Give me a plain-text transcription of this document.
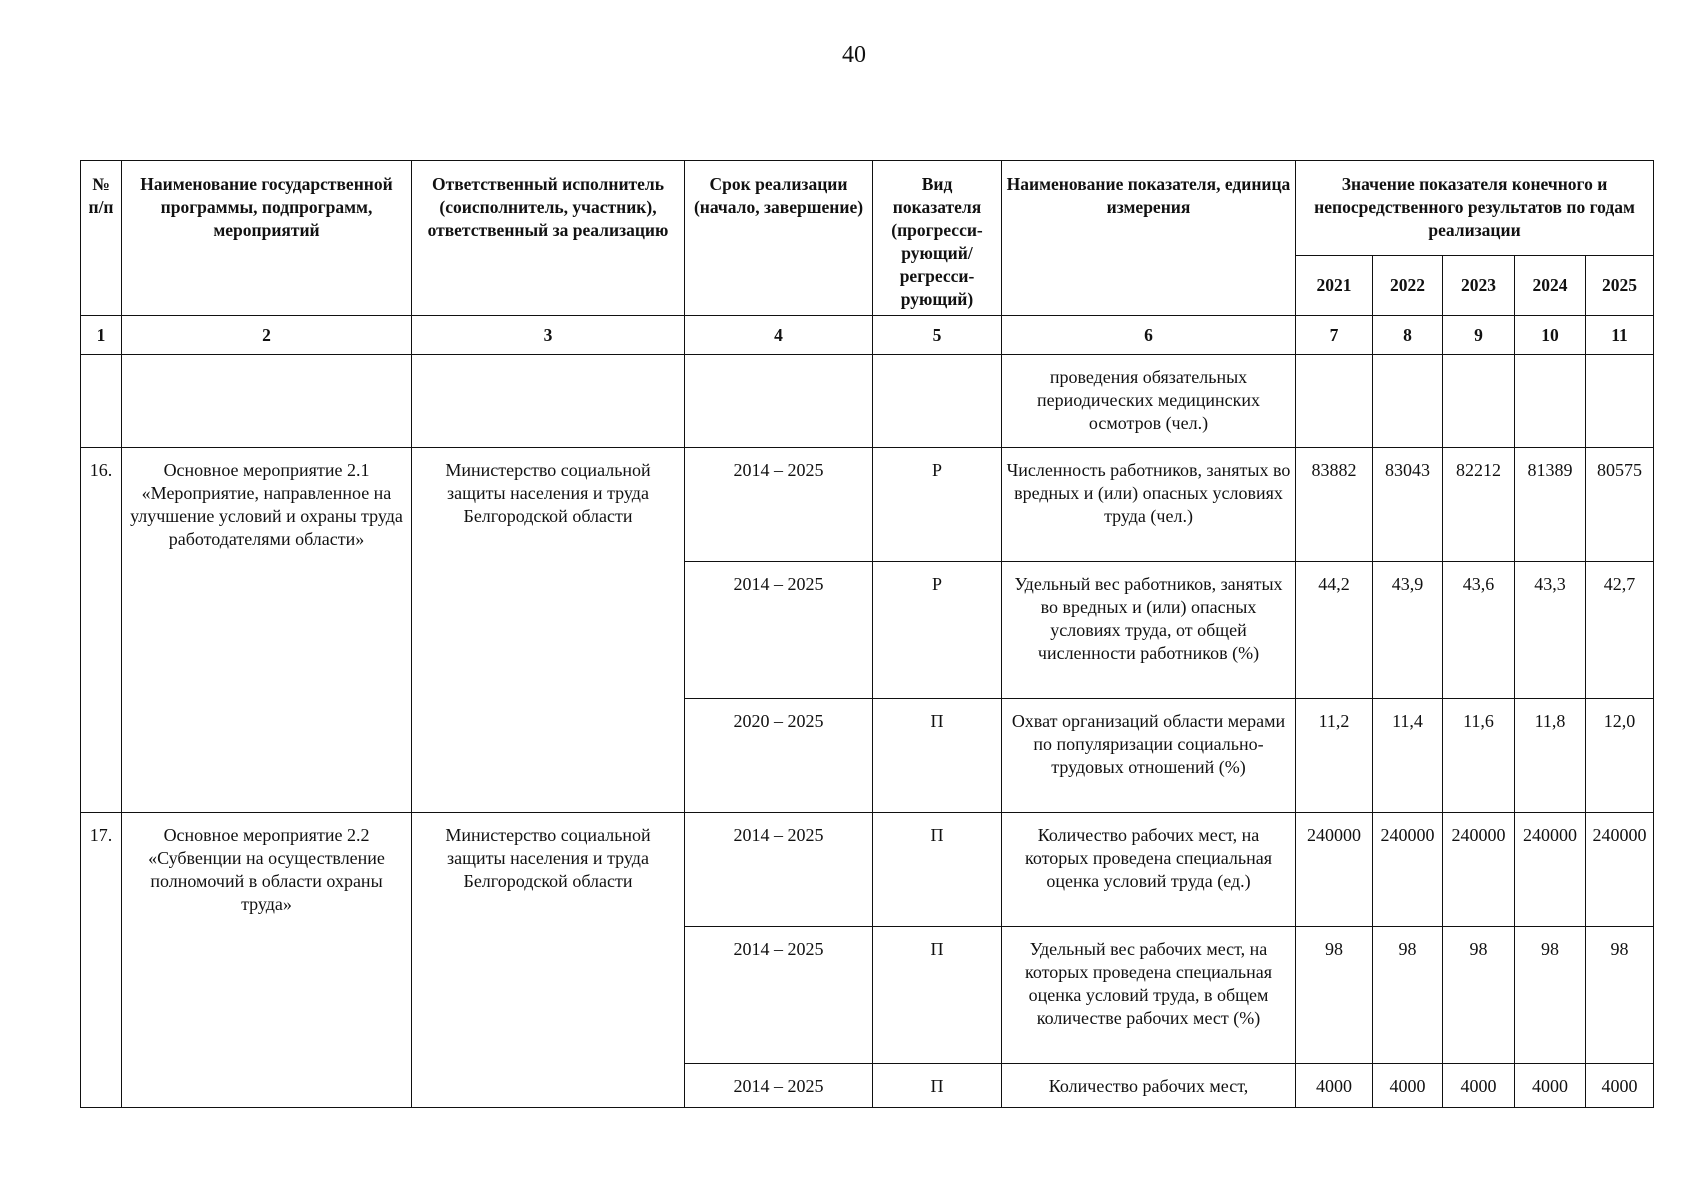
40
№ п/п	Наименование государственной программы, подпрограмм, мероприятий	Ответственный исполнитель (соисполнитель, участник), ответственный за реализацию	Срок реализации (начало, завершение)	Вид показателя (прогресси-рующий/ регресси-рующий)	Наименование показателя, единица измерения	Значение показателя конечного и непосредственного результатов по годам реализации				
						2021	2022	2023	2024	2025
1	2	3	4	5	6	7	8	9	10	11
					проведения обязательных периодических медицинских осмотров (чел.)					
16.	Основное мероприятие 2.1 «Мероприятие, направленное на улучшение условий и охраны труда работодателями области»	Министерство социальной защиты населения и труда Белгородской области	2014 – 2025	Р	Численность работников, занятых во вредных и (или) опасных условиях труда (чел.)	83882	83043	82212	81389	80575
			2014 – 2025	Р	Удельный вес работников, занятых во вредных и (или) опасных условиях труда, от общей численности работников (%)	44,2	43,9	43,6	43,3	42,7
			2020 – 2025	П	Охват организаций области мерами по популяризации социально-трудовых отношений (%)	11,2	11,4	11,6	11,8	12,0
17.	Основное мероприятие 2.2 «Субвенции на осуществление полномочий в области охраны труда»	Министерство социальной защиты населения и труда Белгородской области	2014 – 2025	П	Количество рабочих мест, на которых проведена специальная оценка условий труда (ед.)	240000	240000	240000	240000	240000
			2014 – 2025	П	Удельный вес рабочих мест, на которых проведена специальная оценка условий труда, в общем количестве рабочих мест (%)	98	98	98	98	98
			2014 – 2025	П	Количество рабочих мест,	4000	4000	4000	4000	4000
